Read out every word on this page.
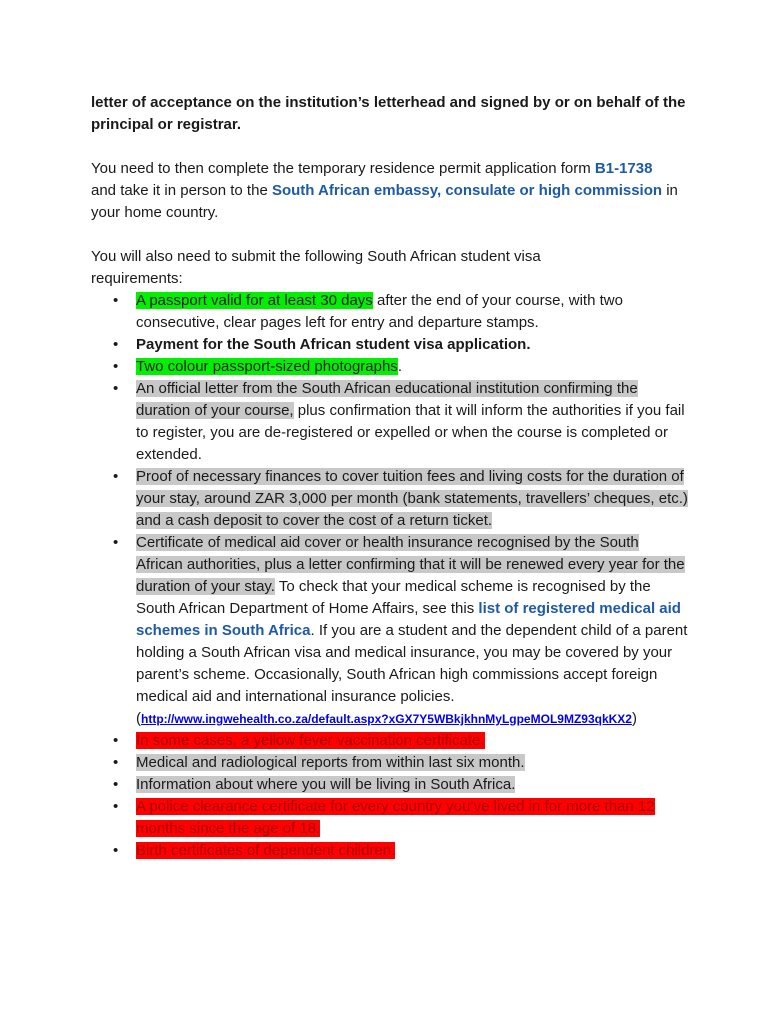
letter of acceptance on the institution’s letterhead and signed by or on behalf of the principal or registrar.

You need to then complete the temporary residence permit application form B1-1738 and take it in person to the South African embassy, consulate or high commission in your home country.

You will also need to submit the following South African student visa requirements:

• A passport valid for at least 30 days after the end of your course, with two consecutive, clear pages left for entry and departure stamps.
• Payment for the South African student visa application.
• Two colour passport-sized photographs.
• An official letter from the South African educational institution confirming the duration of your course, plus confirmation that it will inform the authorities if you fail to register, you are de-registered or expelled or when the course is completed or extended.
• Proof of necessary finances to cover tuition fees and living costs for the duration of your stay, around ZAR 3,000 per month (bank statements, travellers’ cheques, etc.) and a cash deposit to cover the cost of a return ticket.
• Certificate of medical aid cover or health insurance recognised by the South African authorities, plus a letter confirming that it will be renewed every year for the duration of your stay. To check that your medical scheme is recognised by the South African Department of Home Affairs, see this list of registered medical aid schemes in South Africa. If you are a student and the dependent child of a parent holding a South African visa and medical insurance, you may be covered by your parent’s scheme. Occasionally, South African high commissions accept foreign medical aid and international insurance policies.
(http://www.ingwehealth.co.za/default.aspx?xGX7Y5WBkjkhnMyLgpeMOL9MZ93qkKX2)
• In some cases, a yellow fever vaccination certificate.
• Medical and radiological reports from within last six month.
• Information about where you will be living in South Africa.
• A police clearance certificate for every country you’ve lived in for more than 12 months since the age of 18.
• Birth certificates of dependent children.
